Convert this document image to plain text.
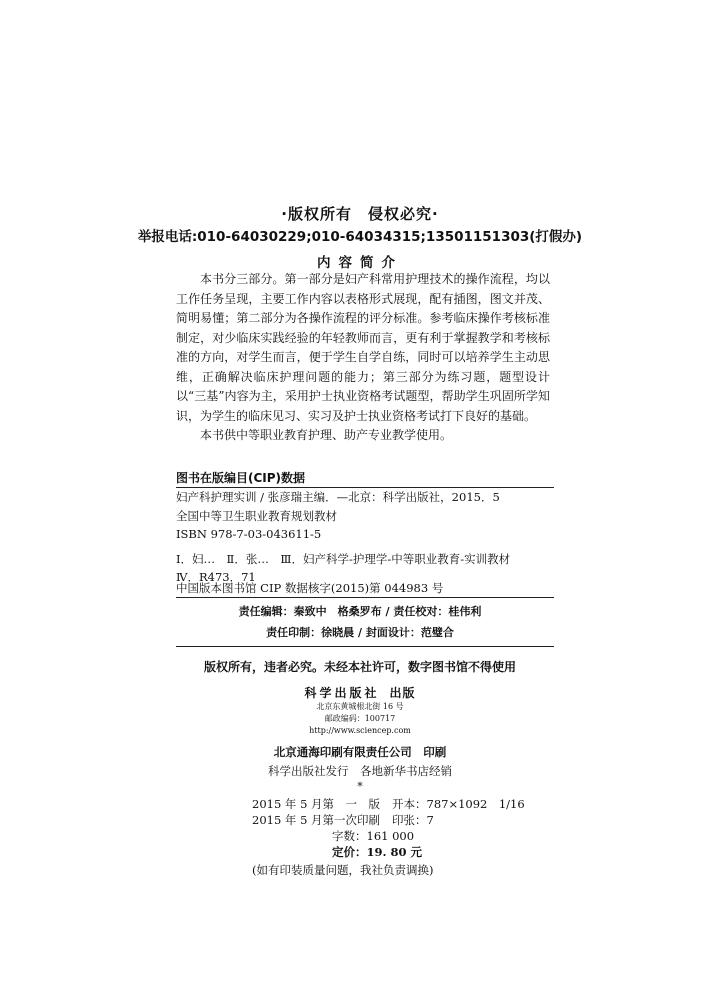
·版权所有　侵权必究·
举报电话:010-64030229;010-64034315;13501151303(打假办)
内容简介

本书分三部分。第一部分是妇产科常用护理技术的操作流程，均以工作任务呈现，主要工作内容以表格形式展现，配有插图，图文并茂、简明易懂；第二部分为各操作流程的评分标准。参考临床操作考核标准制定，对少临床实践经验的年轻教师而言，更有利于掌握教学和考核标准的方向，对学生而言，便于学生自学自练，同时可以培养学生主动思维，正确解决临床护理问题的能力；第三部分为练习题，题型设计以“三基”内容为主，采用护士执业资格考试题型，帮助学生巩固所学知识，为学生的临床见习、实习及护士执业资格考试打下良好的基础。

本书供中等职业教育护理、助产专业教学使用。

图书在版编目(CIP)数据
妇产科护理实训 / 张彦瑞主编．—北京：科学出版社，2015．5
全国中等卫生职业教育规划教材
ISBN 978-7-03-043611-5
Ⅰ．妇…　Ⅱ．张…　Ⅲ．妇产科学-护理学-中等职业教育-实训教材
Ⅳ．R473．71
中国版本图书馆 CIP 数据核字(2015)第 044983 号
责任编辑：秦致中　格桑罗布 / 责任校对：桂伟利
责任印制：徐晓晨 / 封面设计：范璧合
版权所有，违者必究。未经本社许可，数字图书馆不得使用
科学出版社 出版
北京东黄城根北街 16 号
邮政编码：100717
http://www.sciencep.com
北京通海印刷有限责任公司　 印刷
科学出版社发行　各地新华书店经销
*
2015 年 5 月第　一　版 开本：787×1092　1/16
2015 年 5 月第一次印刷 印张：7
字数：161 000
定价：19. 80 元
(如有印装质量问题，我社负责调换)
